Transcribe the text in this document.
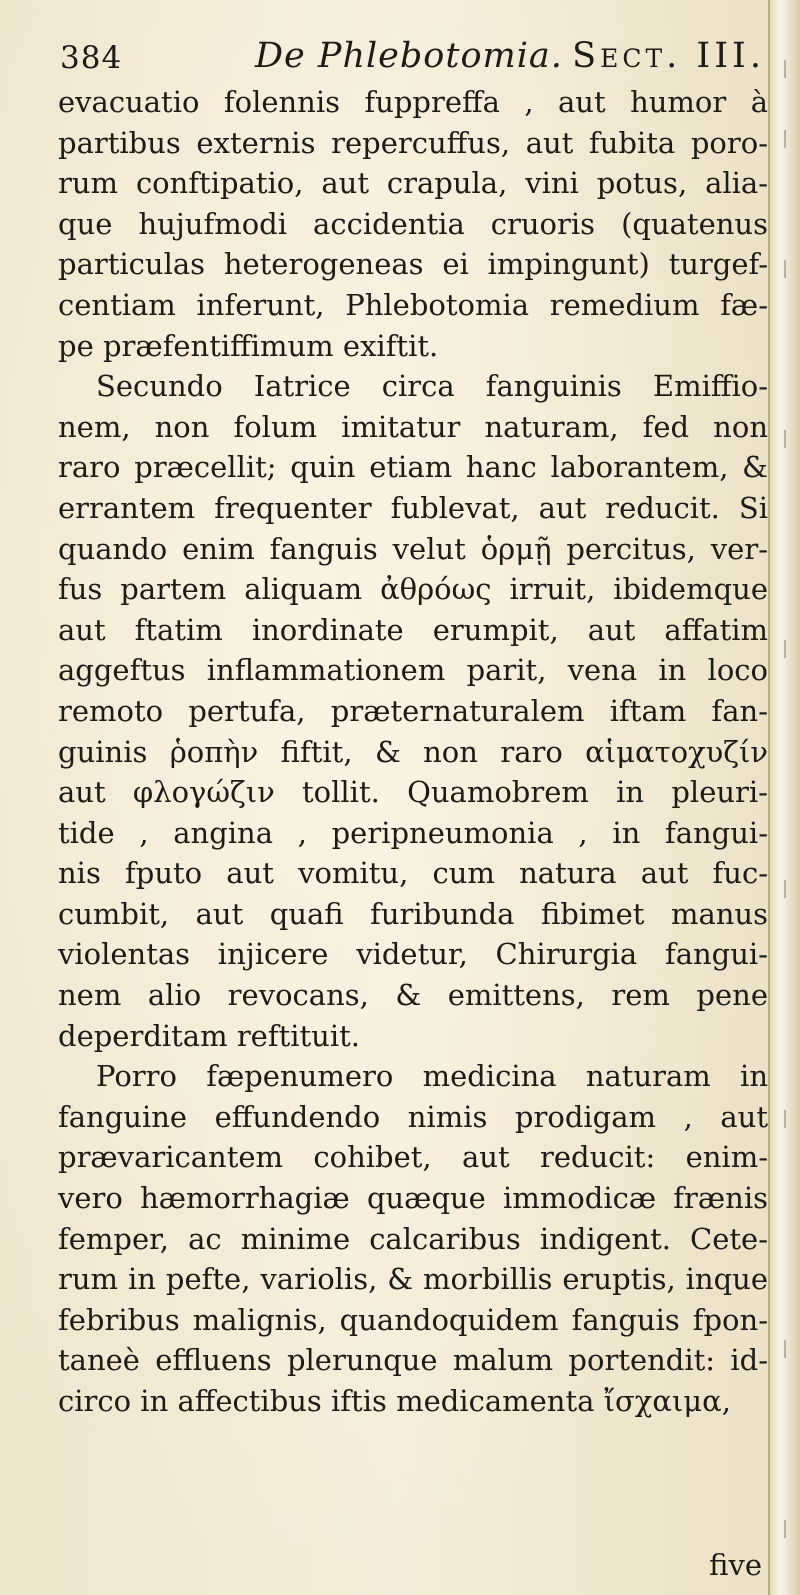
384	De Phlebotomia. Sect. III.
evacuatio folennis fuppreffa , aut humor à
partibus externis repercuffus, aut fubita poro-
rum conftipatio, aut crapula, vini potus, alia-
que hujufmodi accidentia cruoris (quatenus
particulas heterogeneas ei impingunt) turgef-
centiam inferunt, Phlebotomia remedium fæ-
pe præfentiffimum exiftit.
Secundo Iatrice circa fanguinis Emiffio-
nem, non folum imitatur naturam, fed non
raro præcellit; quin etiam hanc laborantem, &
errantem frequenter fublevat, aut reducit. Si
quando enim fanguis velut ὁρμῇ percitus, ver-
fus partem aliquam ἀθρόως irruit, ibidemque
aut ftatim inordinate erumpit, aut affatim
aggeftus inflammationem parit, vena in loco
remoto pertufa, præternaturalem iftam fan-
guinis ῥοπὴν fiftit, & non raro αἱματοχυζίν
aut φλογώζιν tollit. Quamobrem in pleuri-
tide , angina , peripneumonia , in fangui-
nis fputo aut vomitu, cum natura aut fuc-
cumbit, aut quafi furibunda fibimet manus
violentas injicere videtur, Chirurgia fangui-
nem alio revocans, & emittens, rem pene
deperditam reftituit.
Porro fæpenumero medicina naturam in
fanguine effundendo nimis prodigam , aut
prævaricantem cohibet, aut reducit: enim-
vero hæmorrhagiæ quæque immodicæ frænis
femper, ac minime calcaribus indigent. Cete-
rum in pefte, variolis, & morbillis eruptis, inque
febribus malignis, quandoquidem fanguis fpon-
taneè effluens plerunque malum portendit: id-
circo in affectibus iftis medicamenta ἴσχαιμα,
five
